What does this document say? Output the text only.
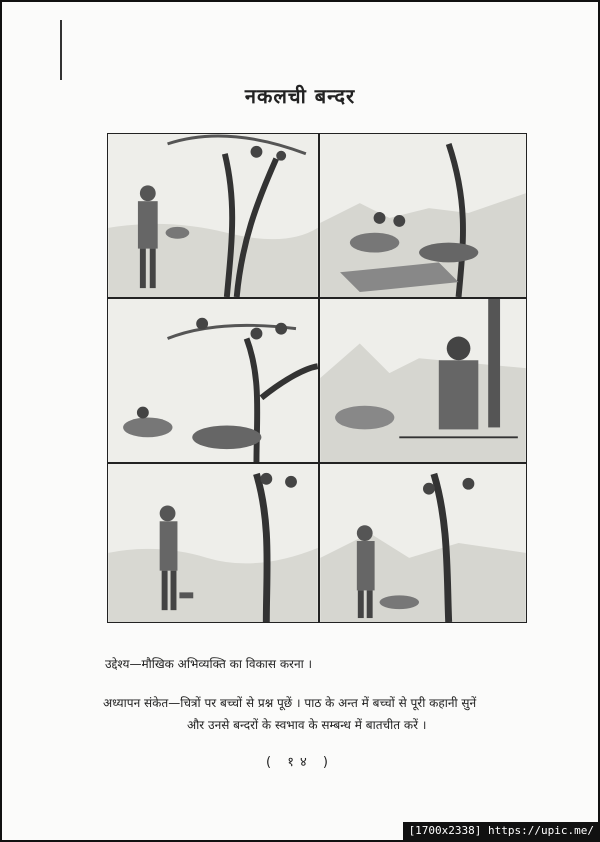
नकलची बन्दर
उद्देश्य—मौखिक अभिव्यक्ति का विकास करना ।
अध्यापन संकेत—चित्रों पर बच्चों से प्रश्न पूछें । पाठ के अन्त में बच्चों से पूरी कहानी सुनें
और उनसे बन्दरों के स्वभाव के सम्बन्ध में बातचीत करें ।
( १४ )
[1700x2338] https://upic.me/
